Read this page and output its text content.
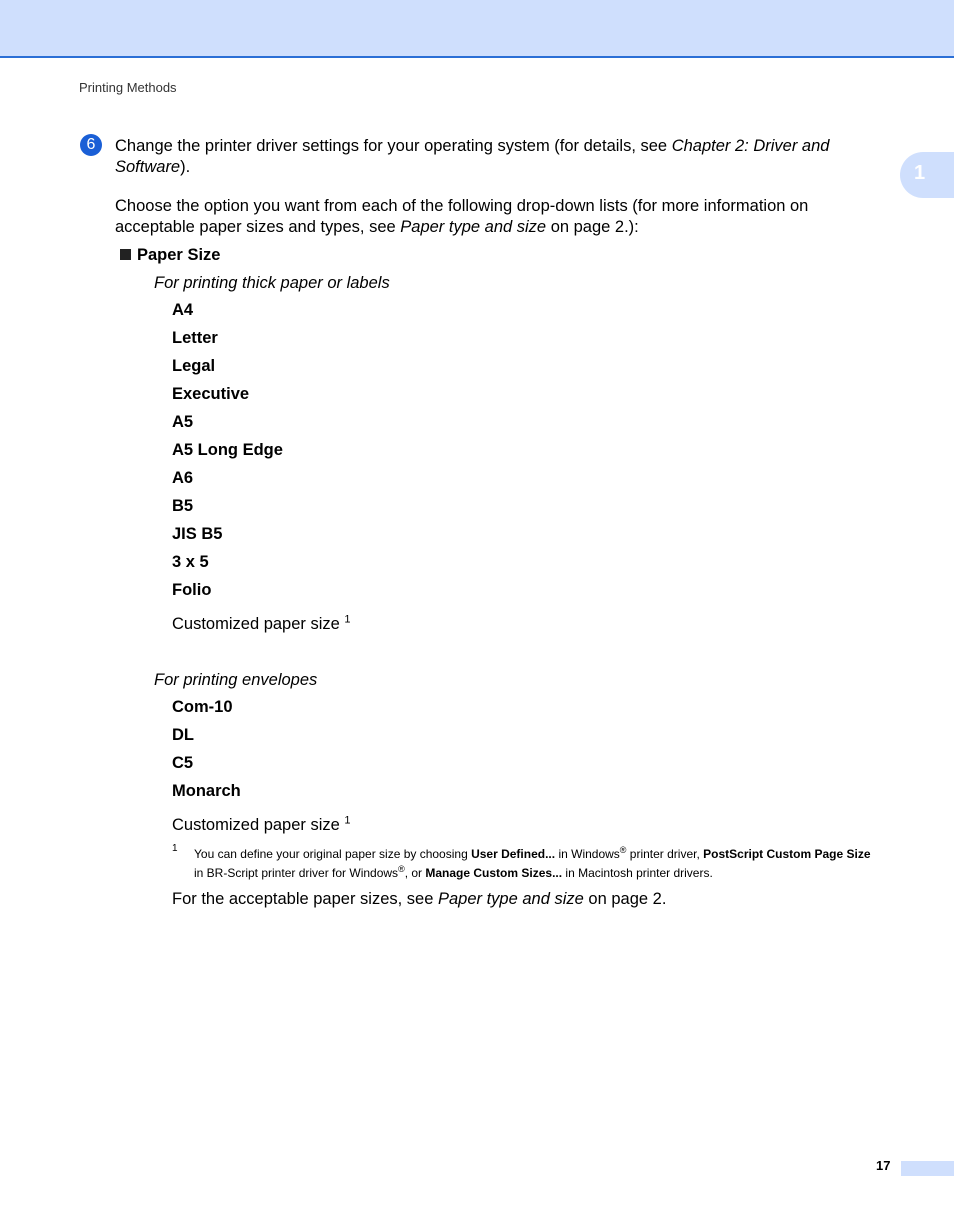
Printing Methods
1
6	Change the printer driver settings for your operating system (for details, see Chapter 2: Driver and
Software).
Choose the option you want from each of the following drop-down lists (for more information on
acceptable paper sizes and types, see Paper type and size on page 2.):
Paper Size
For printing thick paper or labels
A4
Letter
Legal
Executive
A5
A5 Long Edge
A6
B5
JIS B5
3 x 5
Folio
Customized paper size $^1$
For printing envelopes
Com-10
DL
C5
Monarch
Customized paper size $^1$
1 You can define your original paper size by choosing User Defined... in Windows® printer driver, PostScript Custom Page Size
in BR-Script printer driver for Windows®, or Manage Custom Sizes... in Macintosh printer drivers.
For the acceptable paper sizes, see Paper type and size on page 2.
17
